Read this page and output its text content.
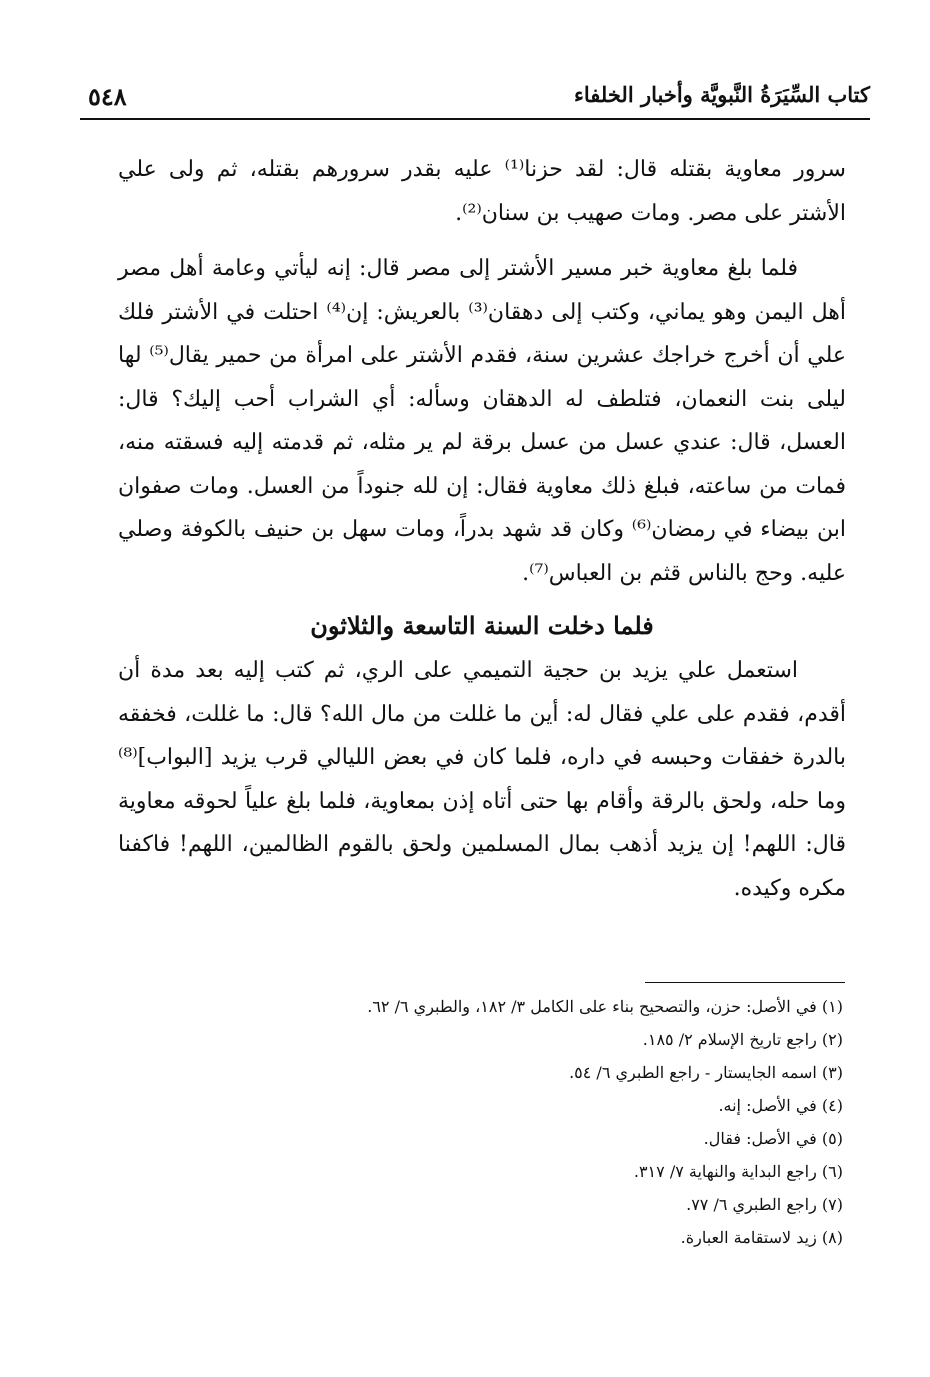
كتاب السِّيَرَةُ النَّبويَّة وأخبار الخلفاء
٥٤٨

سرور معاوية بقتله قال: لقد حزنا⁽¹⁾ عليه بقدر سرورهم بقتله، ثم ولى علي الأشتر على مصر. ومات صهيب بن سنان⁽²⁾.

فلما بلغ معاوية خبر مسير الأشتر إلى مصر قال: إنه ليأتي وعامة أهل مصر أهل اليمن وهو يماني، وكتب إلى دهقان⁽³⁾ بالعريش: إن⁽⁴⁾ احتلت في الأشتر فلك علي أن أخرج خراجك عشرين سنة، فقدم الأشتر على امرأة من حمير يقال⁽⁵⁾ لها ليلى بنت النعمان، فتلطف له الدهقان وسأله: أي الشراب أحب إليك؟ قال: العسل، قال: عندي عسل من عسل برقة لم ير مثله، ثم قدمته إليه فسقته منه، فمات من ساعته، فبلغ ذلك معاوية فقال: إن لله جنوداً من العسل. ومات صفوان ابن بيضاء في رمضان⁽⁶⁾ وكان قد شهد بدراً، ومات سهل بن حنيف بالكوفة وصلي عليه. وحج بالناس قثم بن العباس⁽⁷⁾.

فلما دخلت السنة التاسعة والثلاثون

استعمل علي يزيد بن حجية التميمي على الري، ثم كتب إليه بعد مدة أن أقدم، فقدم على علي فقال له: أين ما غللت من مال الله؟ قال: ما غللت، فخفقه بالدرة خفقات وحبسه في داره، فلما كان في بعض الليالي قرب يزيد [البواب]⁽⁸⁾ وما حله، ولحق بالرقة وأقام بها حتى أتاه إذن بمعاوية، فلما بلغ علياً لحوقه معاوية قال: اللهم! إن يزيد أذهب بمال المسلمين ولحق بالقوم الظالمين، اللهم! فاكفنا مكره وكيده.

(١) في الأصل: حزن، والتصحيح بناء على الكامل ٣/ ١٨٢، والطبري ٦/ ٦٢.
(٢) راجع تاريخ الإسلام ٢/ ١٨٥.
(٣) اسمه الجايستار - راجع الطبري ٦/ ٥٤.
(٤) في الأصل: إنه.
(٥) في الأصل: فقال.
(٦) راجع البداية والنهاية ٧/ ٣١٧.
(٧) راجع الطبري ٦/ ٧٧.
(٨) زيد لاستقامة العبارة.
